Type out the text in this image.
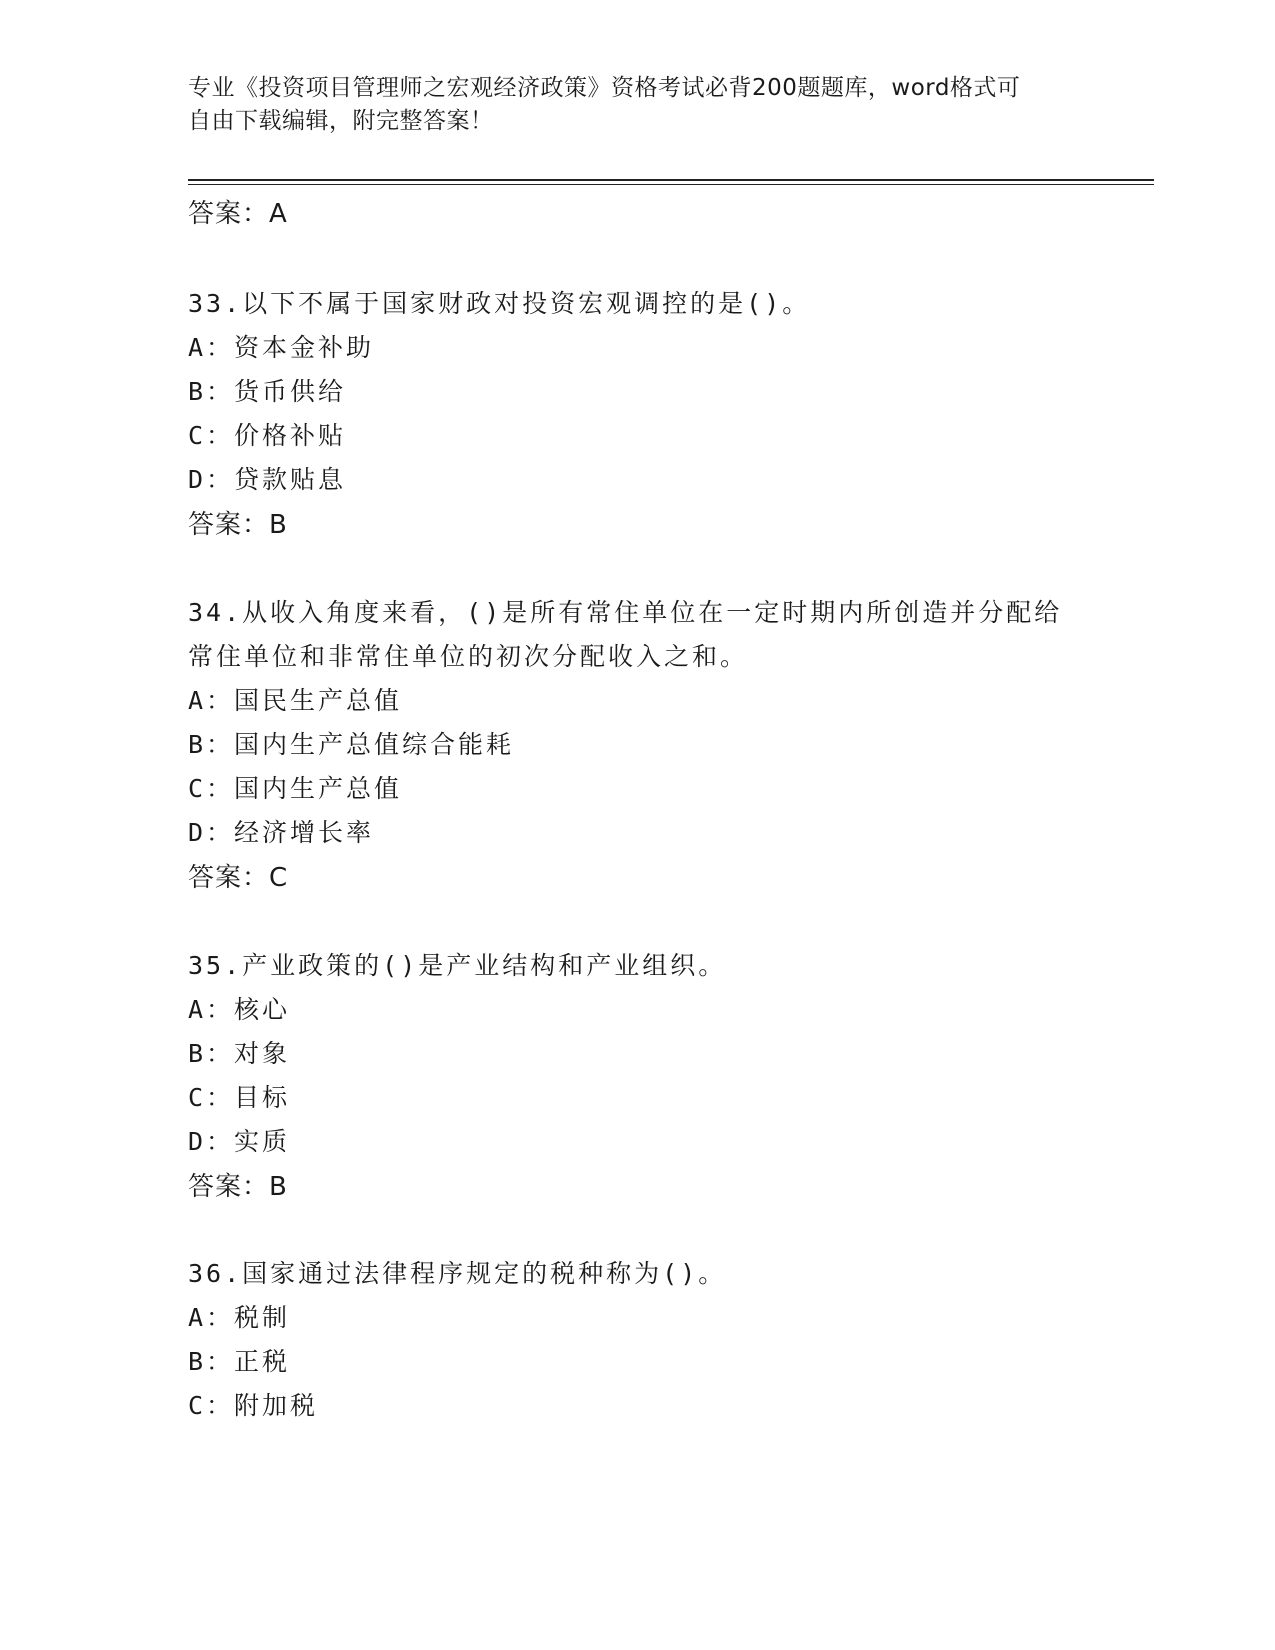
专业《投资项目管理师之宏观经济政策》资格考试必背200题题库，word格式可
自由下载编辑，附完整答案！
答案：A
33.以下不属于国家财政对投资宏观调控的是()。
A：资本金补助
B：货币供给
C：价格补贴
D：贷款贴息
答案：B
34.从收入角度来看，()是所有常住单位在一定时期内所创造并分配给
常住单位和非常住单位的初次分配收入之和。
A：国民生产总值
B：国内生产总值综合能耗
C：国内生产总值
D：经济增长率
答案：C
35.产业政策的()是产业结构和产业组织。
A：核心
B：对象
C：目标
D：实质
答案：B
36.国家通过法律程序规定的税种称为()。
A：税制
B：正税
C：附加税
